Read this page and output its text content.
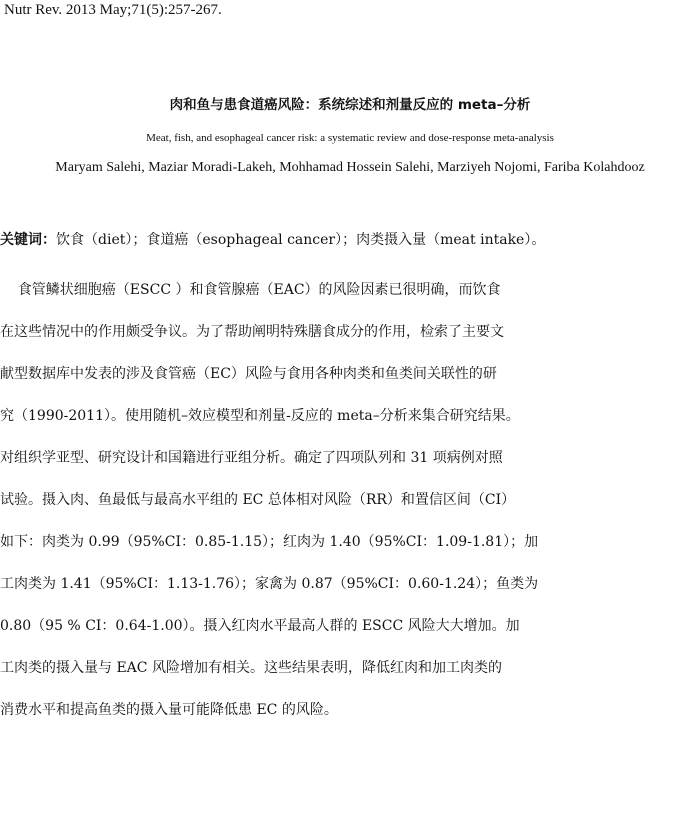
Nutr Rev. 2013 May;71(5):257-267.
肉和鱼与患食道癌风险：系统综述和剂量反应的 meta–分析
Meat, fish, and esophageal cancer risk: a systematic review and dose-response meta-analysis
Maryam Salehi, Maziar Moradi-Lakeh, Mohhamad Hossein Salehi, Marziyeh Nojomi, Fariba Kolahdooz
关键词：饮食（diet）；食道癌（esophageal cancer）；肉类摄入量（meat intake）。
食管鳞状细胞癌（ESCC ）和食管腺癌（EAC）的风险因素已很明确，而饮食
在这些情况中的作用颇受争议。为了帮助阐明特殊膳食成分的作用，检索了主要文
献型数据库中发表的涉及食管癌（EC）风险与食用各种肉类和鱼类间关联性的研
究（1990-2011）。使用随机–效应模型和剂量-反应的 meta–分析来集合研究结果。
对组织学亚型、研究设计和国籍进行亚组分析。确定了四项队列和 31 项病例对照
试验。摄入肉、鱼最低与最高水平组的 EC 总体相对风险（RR）和置信区间（CI）
如下：肉类为 0.99（95%CI：0.85-1.15）；红肉为 1.40（95%CI：1.09-1.81）；加
工肉类为 1.41（95%CI：1.13-1.76）；家禽为 0.87（95%CI：0.60-1.24）；鱼类为
0.80（95 % CI：0.64-1.00）。摄入红肉水平最高人群的 ESCC 风险大大增加。加
工肉类的摄入量与 EAC 风险增加有相关。这些结果表明，降低红肉和加工肉类的
消费水平和提高鱼类的摄入量可能降低患 EC 的风险。
